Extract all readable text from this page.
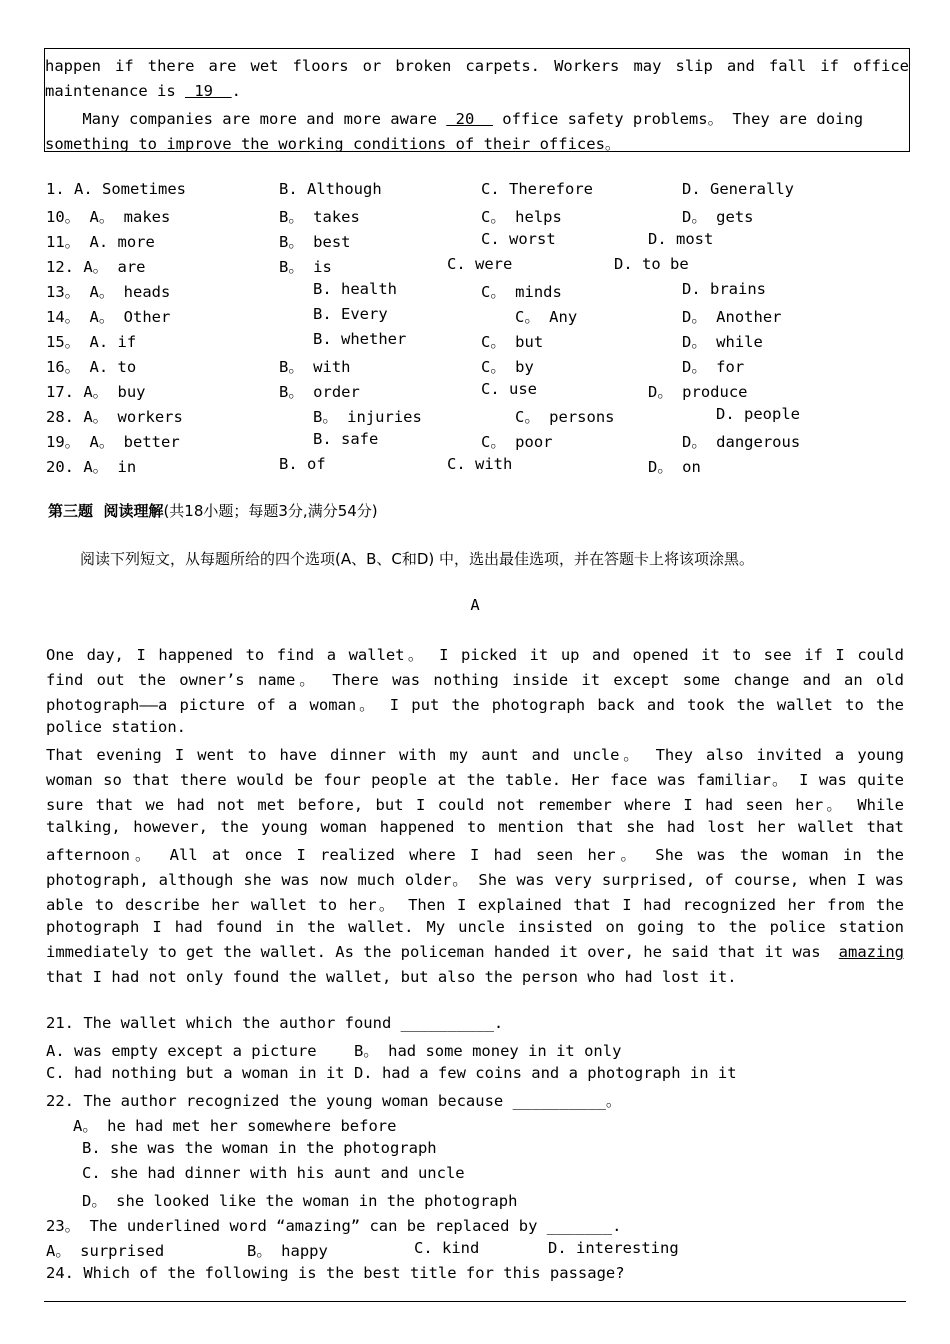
happen if there are wet floors or broken carpets. Workers may slip and fall if office
maintenance is  19  .
Many companies are more and more aware  20   office safety problems。 They are doing
something to improve the working conditions of their offices。
1. A. Sometimes	B. Although	C. Therefore	D. Generally
10。 A。 makes	B。 takes	C。 helps	D。 gets
11。 A. more	B。 best	C. worst	D. most
12. A。 are	B。 is	C. were	D. to be
13。 A。 heads	B. health	C。 minds	D. brains
14。 A。 Other	B. Every	C。 Any	D。 Another
15。 A. if	B. whether	C。 but	D。 while
16。 A. to	B。 with	C。 by	D。 for
17. A。 buy	B。 order	C. use	D。 produce
28. A。 workers	B。 injuries	C。 persons	D. people
19。 A。 better	B. safe	C。 poor	D。 dangerous
20. A。 in	B. of	C. with	D。 on
第三题  阅读理解(共18小题；每题3分,满分54分)
阅读下列短文，从每题所给的四个选项(A、B、C和D) 中，选出最佳选项，并在答题卡上将该项涂黑。
A
One day, I happened to find a wallet。 I picked it up and opened it to see if I could
find out the owner’s name。 There was nothing inside it except some change and an old
photograph——a picture of a woman。 I put the photograph back and took the wallet to the
police station.
That evening I went to have dinner with my aunt and uncle。 They also invited a young
woman so that there would be four people at the table. Her face was familiar。 I was quite
sure that we had not met before, but I could not remember where I had seen her。 While
talking, however, the young woman happened to mention that she had lost her wallet that
afternoon。 All at once I realized where I had seen her。 She was the woman in the
photograph, although she was now much older。 She was very surprised, of course, when I was
able to describe her wallet to her。 Then I explained that I had recognized her from the
photograph I had found in the wallet. My uncle insisted on going to the police station
immediately to get the wallet. As the policeman handed it over, he said that it was amazing
that I had not only found the wallet, but also the person who had lost it.
21. The wallet which the author found __________.
A. was empty except a picture    B。 had some money in it only
C. had nothing but a woman in it D. had a few coins and a photograph in it
22. The author recognized the young woman because __________。
A。 he had met her somewhere before
B. she was the woman in the photograph
C. she had dinner with his aunt and uncle
D。 she looked like the woman in the photograph
23。 The underlined word “amazing” can be replaced by _______.
A。 surprised	B。 happy	C. kind	D. interesting
24. Which of the following is the best title for this passage?
